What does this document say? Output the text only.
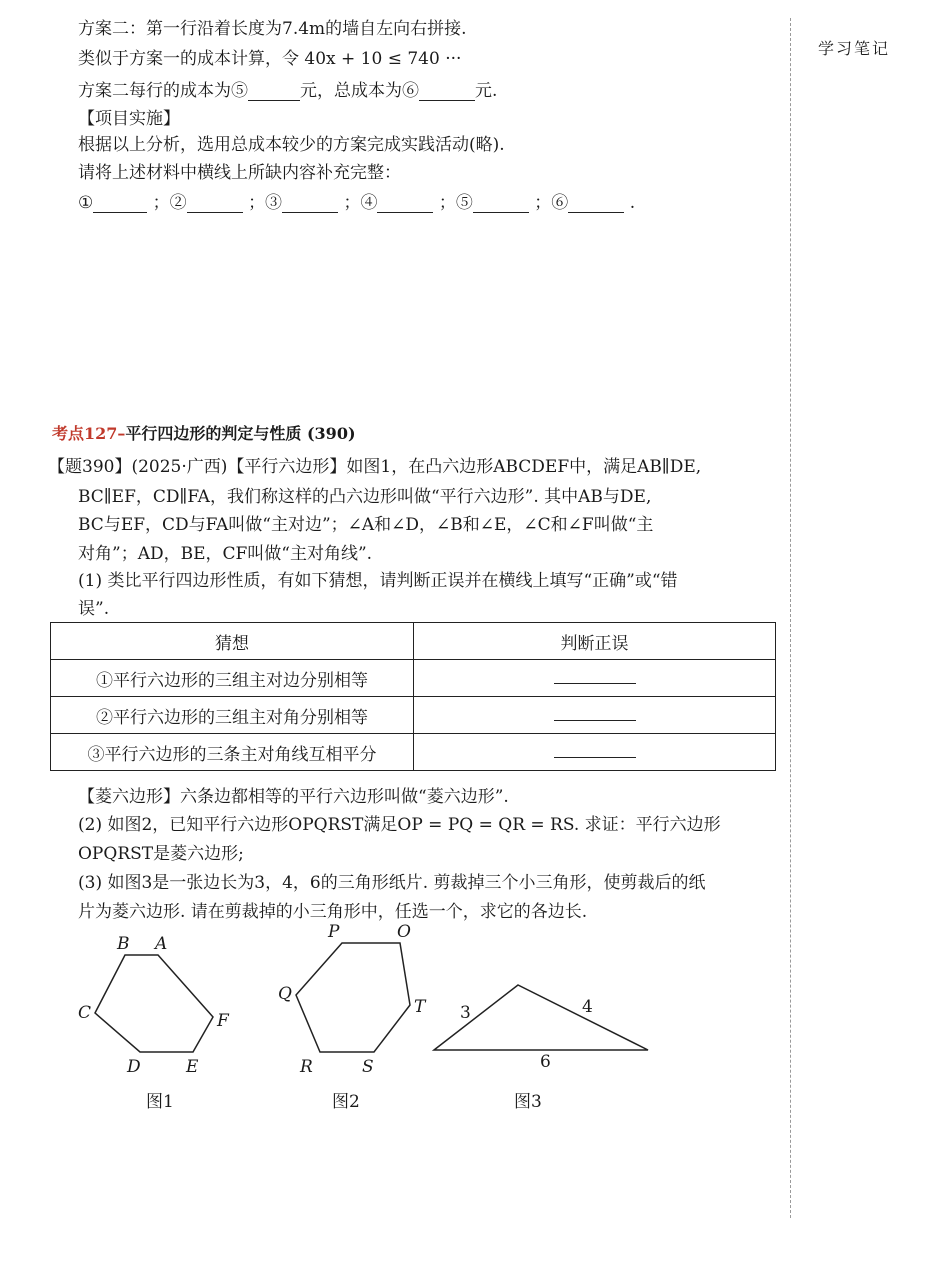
学习笔记
方案二：第一行沿着长度为7.4m的墙自左向右拼接.
类似于方案一的成本计算，令 40x + 10 ≤ 740 ···
方案二每行的成本为⑤	元，总成本为⑥	元.
【项目实施】
根据以上分析，选用总成本较少的方案完成实践活动(略).
请将上述材料中横线上所缺内容补充完整：
①	；②	；③	；④	；⑤	；⑥	.
考点127–平行四边形的判定与性质 (390)
【题390】(2025·广西)【平行六边形】如图1，在凸六边形ABCDEF中，满足AB∥DE,
BC∥EF，CD∥FA，我们称这样的凸六边形叫做“平行六边形”. 其中AB与DE,
BC与EF，CD与FA叫做“主对边”；∠A和∠D，∠B和∠E，∠C和∠F叫做“主
对角”；AD，BE，CF叫做“主对角线”.
(1) 类比平行四边形性质，有如下猜想，请判断正误并在横线上填写“正确”或“错
误”.
猜想	判断正误
①平行六边形的三组主对边分别相等	
②平行六边形的三组主对角分别相等	
③平行六边形的三条主对角线互相平分	
【菱六边形】六条边都相等的平行六边形叫做“菱六边形”.
(2) 如图2，已知平行六边形OPQRST满足OP = PQ = QR = RS. 求证：平行六边形
OPQRST是菱六边形;
(3) 如图3是一张边长为3，4，6的三角形纸片. 剪裁掉三个小三角形，使剪裁后的纸
片为菱六边形. 请在剪裁掉的小三角形中，任选一个，求它的各边长.
B A
C	F
D	E
图1
P	O
Q
T
R	S
图2
3	4
6
图3
